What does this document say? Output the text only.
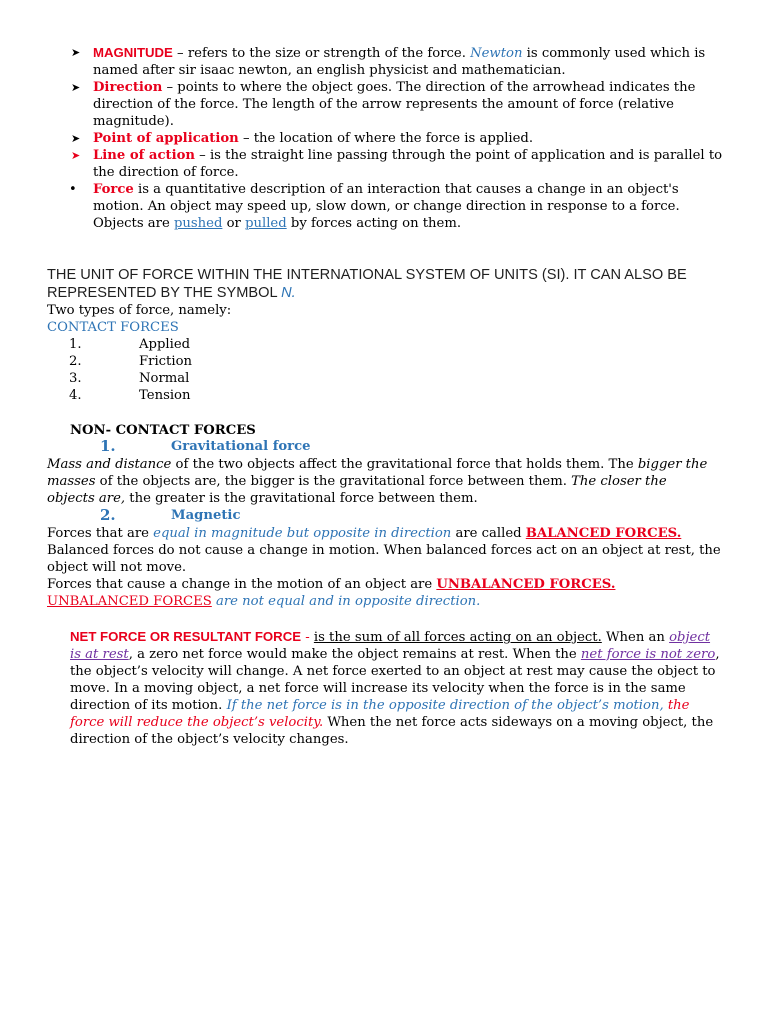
➤ MAGNITUDE – refers to the size or strength of the force. Newton is commonly used which is named after sir isaac newton, an english physicist and mathematician.

➤ Direction – points to where the object goes. The direction of the arrowhead indicates the direction of the force. The length of the arrow represents the amount of force (relative magnitude).

➤ Point of application – the location of where the force is applied.

➤ Line of action – is the straight line passing through the point of application and is parallel to the direction of force.

• Force is a quantitative description of an interaction that causes a change in an object's motion. An object may speed up, slow down, or change direction in response to a force. Objects are pushed or pulled by forces acting on them.

THE UNIT OF FORCE WITHIN THE INTERNATIONAL SYSTEM OF UNITS (SI). IT CAN ALSO BE REPRESENTED BY THE SYMBOL N.

Two types of force, namely:

CONTACT FORCES

1.	Applied
2.	Friction
3.	Normal
4.	Tension

NON- CONTACT FORCES

1.	Gravitational force

Mass and distance of the two objects affect the gravitational force that holds them. The bigger the masses of the objects are, the bigger is the gravitational force between them. The closer the objects are, the greater is the gravitational force between them.

2.	Magnetic

Forces that are equal in magnitude but opposite in direction are called BALANCED FORCES. Balanced forces do not cause a change in motion. When balanced forces act on an object at rest, the object will not move.

Forces that cause a change in the motion of an object are UNBALANCED FORCES.

UNBALANCED FORCES are not equal and in opposite direction.

NET FORCE OR RESULTANT FORCE - is the sum of all forces acting on an object. When an object is at rest, a zero net force would make the object remains at rest. When the net force is not zero, the object’s velocity will change. A net force exerted to an object at rest may cause the object to move. In a moving object, a net force will increase its velocity when the force is in the same direction of its motion. If the net force is in the opposite direction of the object’s motion, the force will reduce the object’s velocity. When the net force acts sideways on a moving object, the direction of the object’s velocity changes.
